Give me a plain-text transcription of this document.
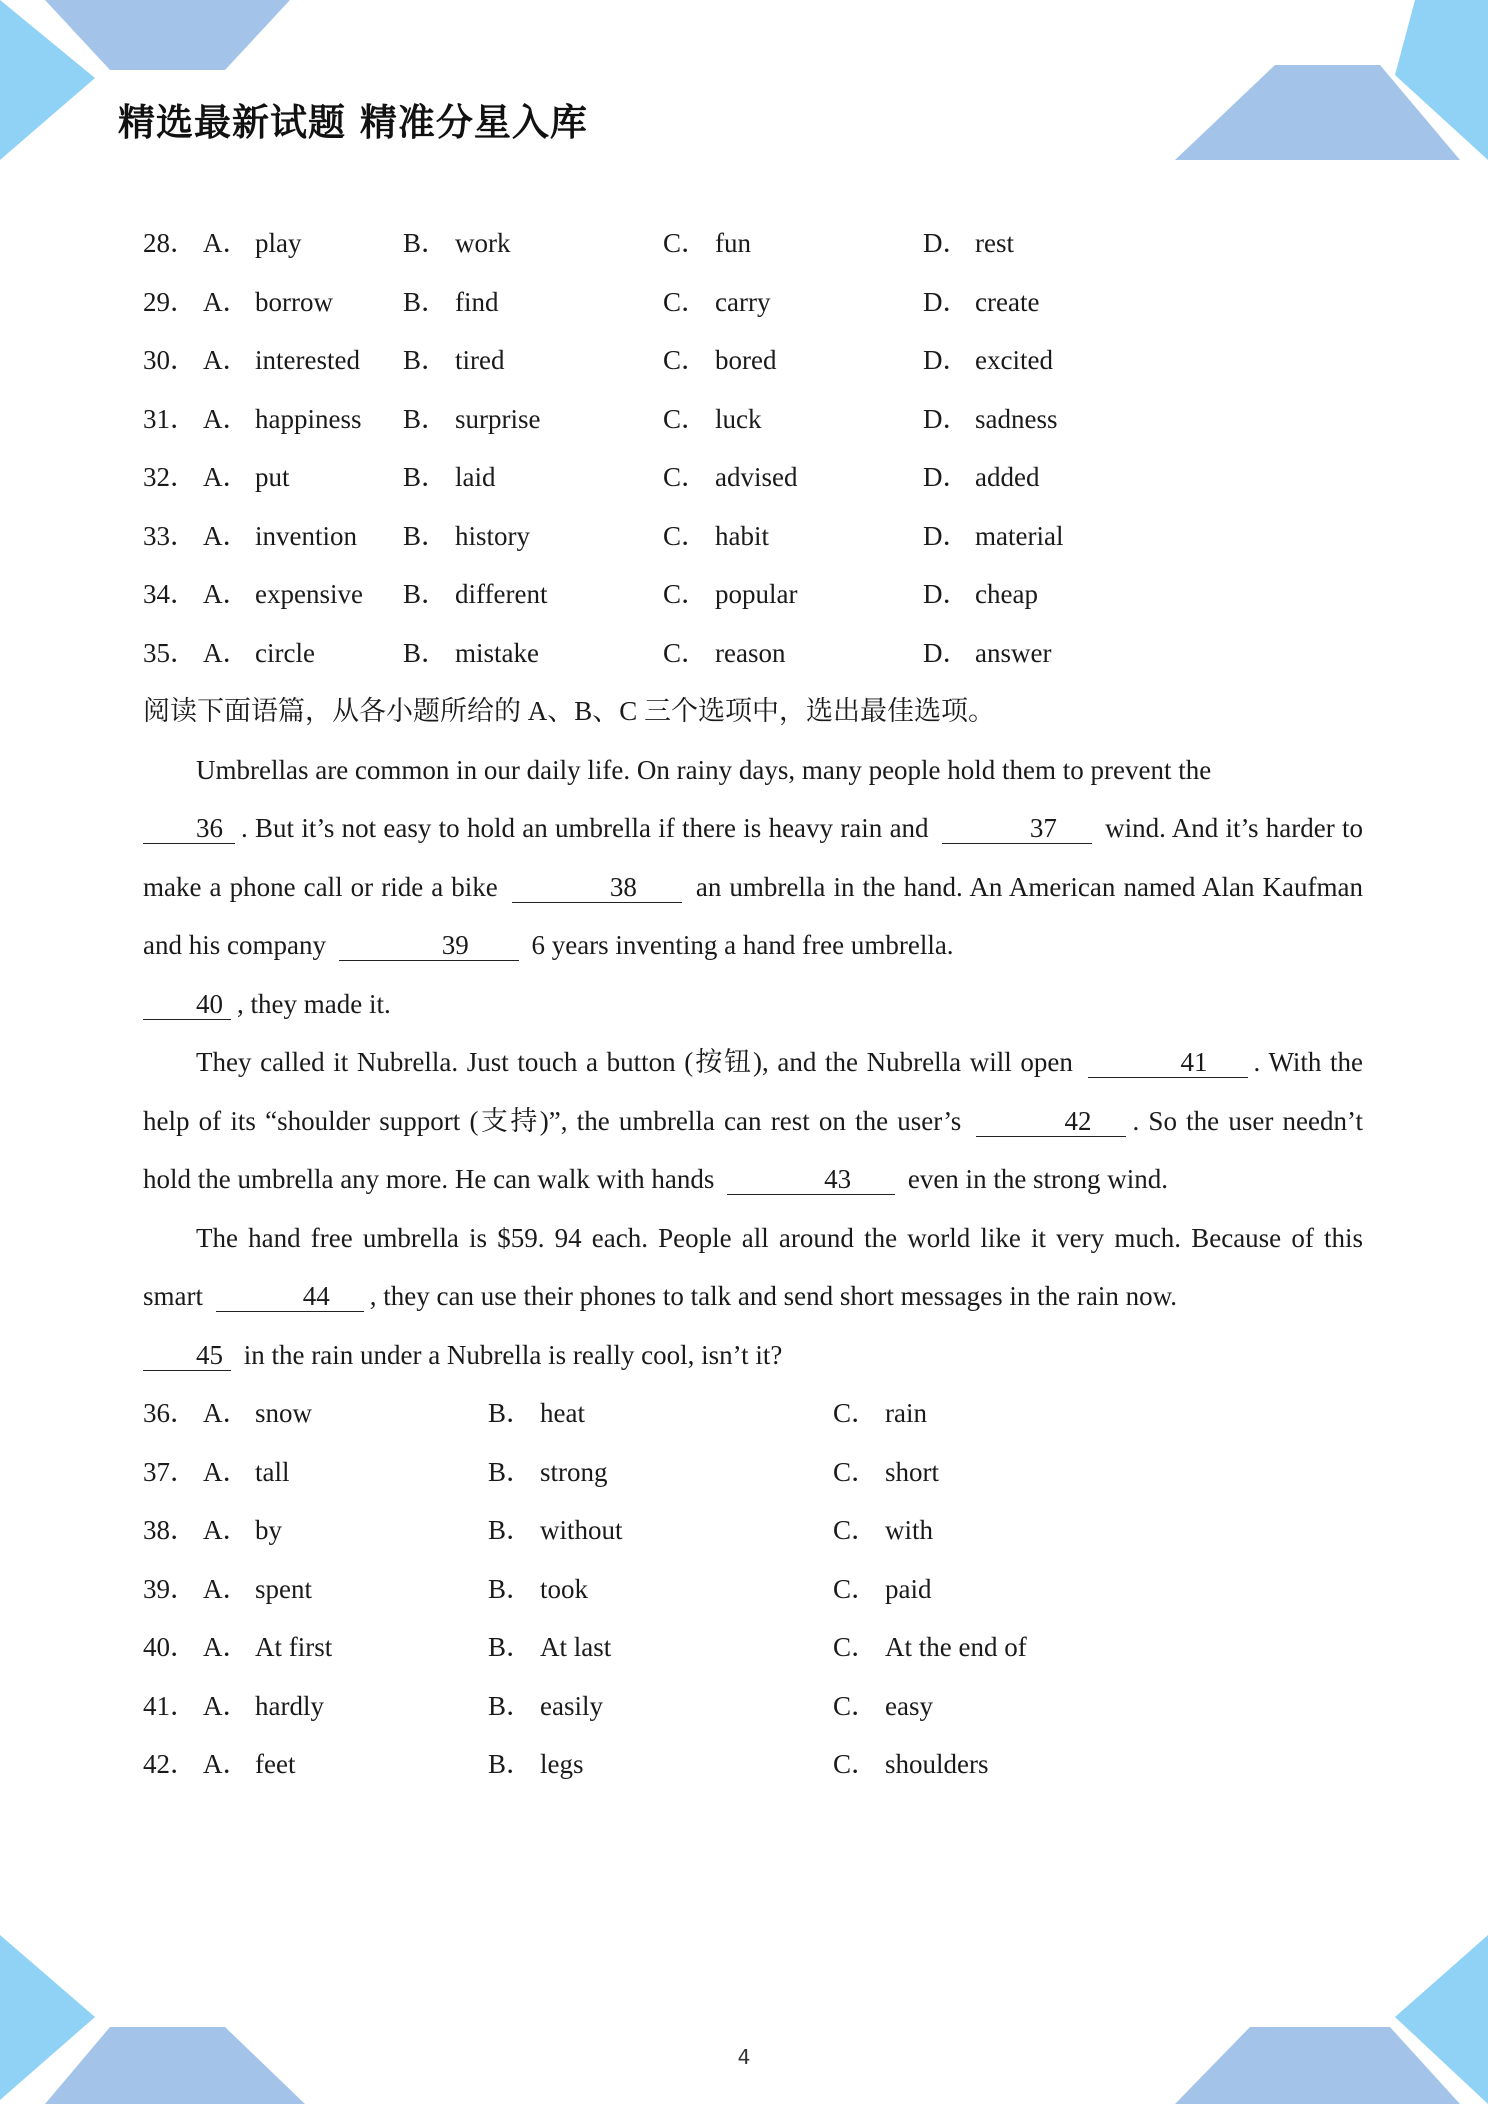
精选最新试题 精准分星入库
28． A． play	B． work	C． fun	D． rest
29． A． borrow	B． find	C． carry	D． create
30． A． interested B． tired	C． bored	D． excited
31． A． happiness B． surprise	C． luck	D． sadness
32． A． put	B． laid	C． advised	D． added
33． A． invention B． history	C． habit	D． material
34． A． expensive B． different	C． popular	D． cheap
35． A． circle	B． mistake	C． reason	D． answer
阅读下面语篇，从各小题所给的 A、B、C 三个选项中，选出最佳选项。

Umbrellas are common in our daily life. On rainy days, many people hold them to prevent the
36 . But it’s not easy to hold an umbrella if there is heavy rain and	37 wind. And it’s harder to make a phone call or ride a bike	38 an umbrella in the hand. An American named Alan Kaufman and his company	39 6 years inventing a hand free umbrella.
40 , they made it.

They called it Nubrella. Just touch a button (按钮), and the Nubrella will open	41 . With the help of its “shoulder support (支持)”, the umbrella can rest on the user’s	42 . So the user needn’t hold the umbrella any more. He can walk with hands	43 even in the strong wind.

The hand free umbrella is $59. 94 each. People all around the world like it very much. Because of this smart	44 , they can use their phones to talk and send short messages in the rain now.
45 in the rain under a Nubrella is really cool, isn’t it?

36． A． snow	B． heat	C． rain
37． A． tall	B． strong	C． short
38． A． by	B． without	C． with
39． A． spent	B． took	C． paid
40． A． At first	B． At last	C． At the end of
41． A． hardly	B． easily	C． easy
42． A． feet	B． legs	C． shoulders
4
